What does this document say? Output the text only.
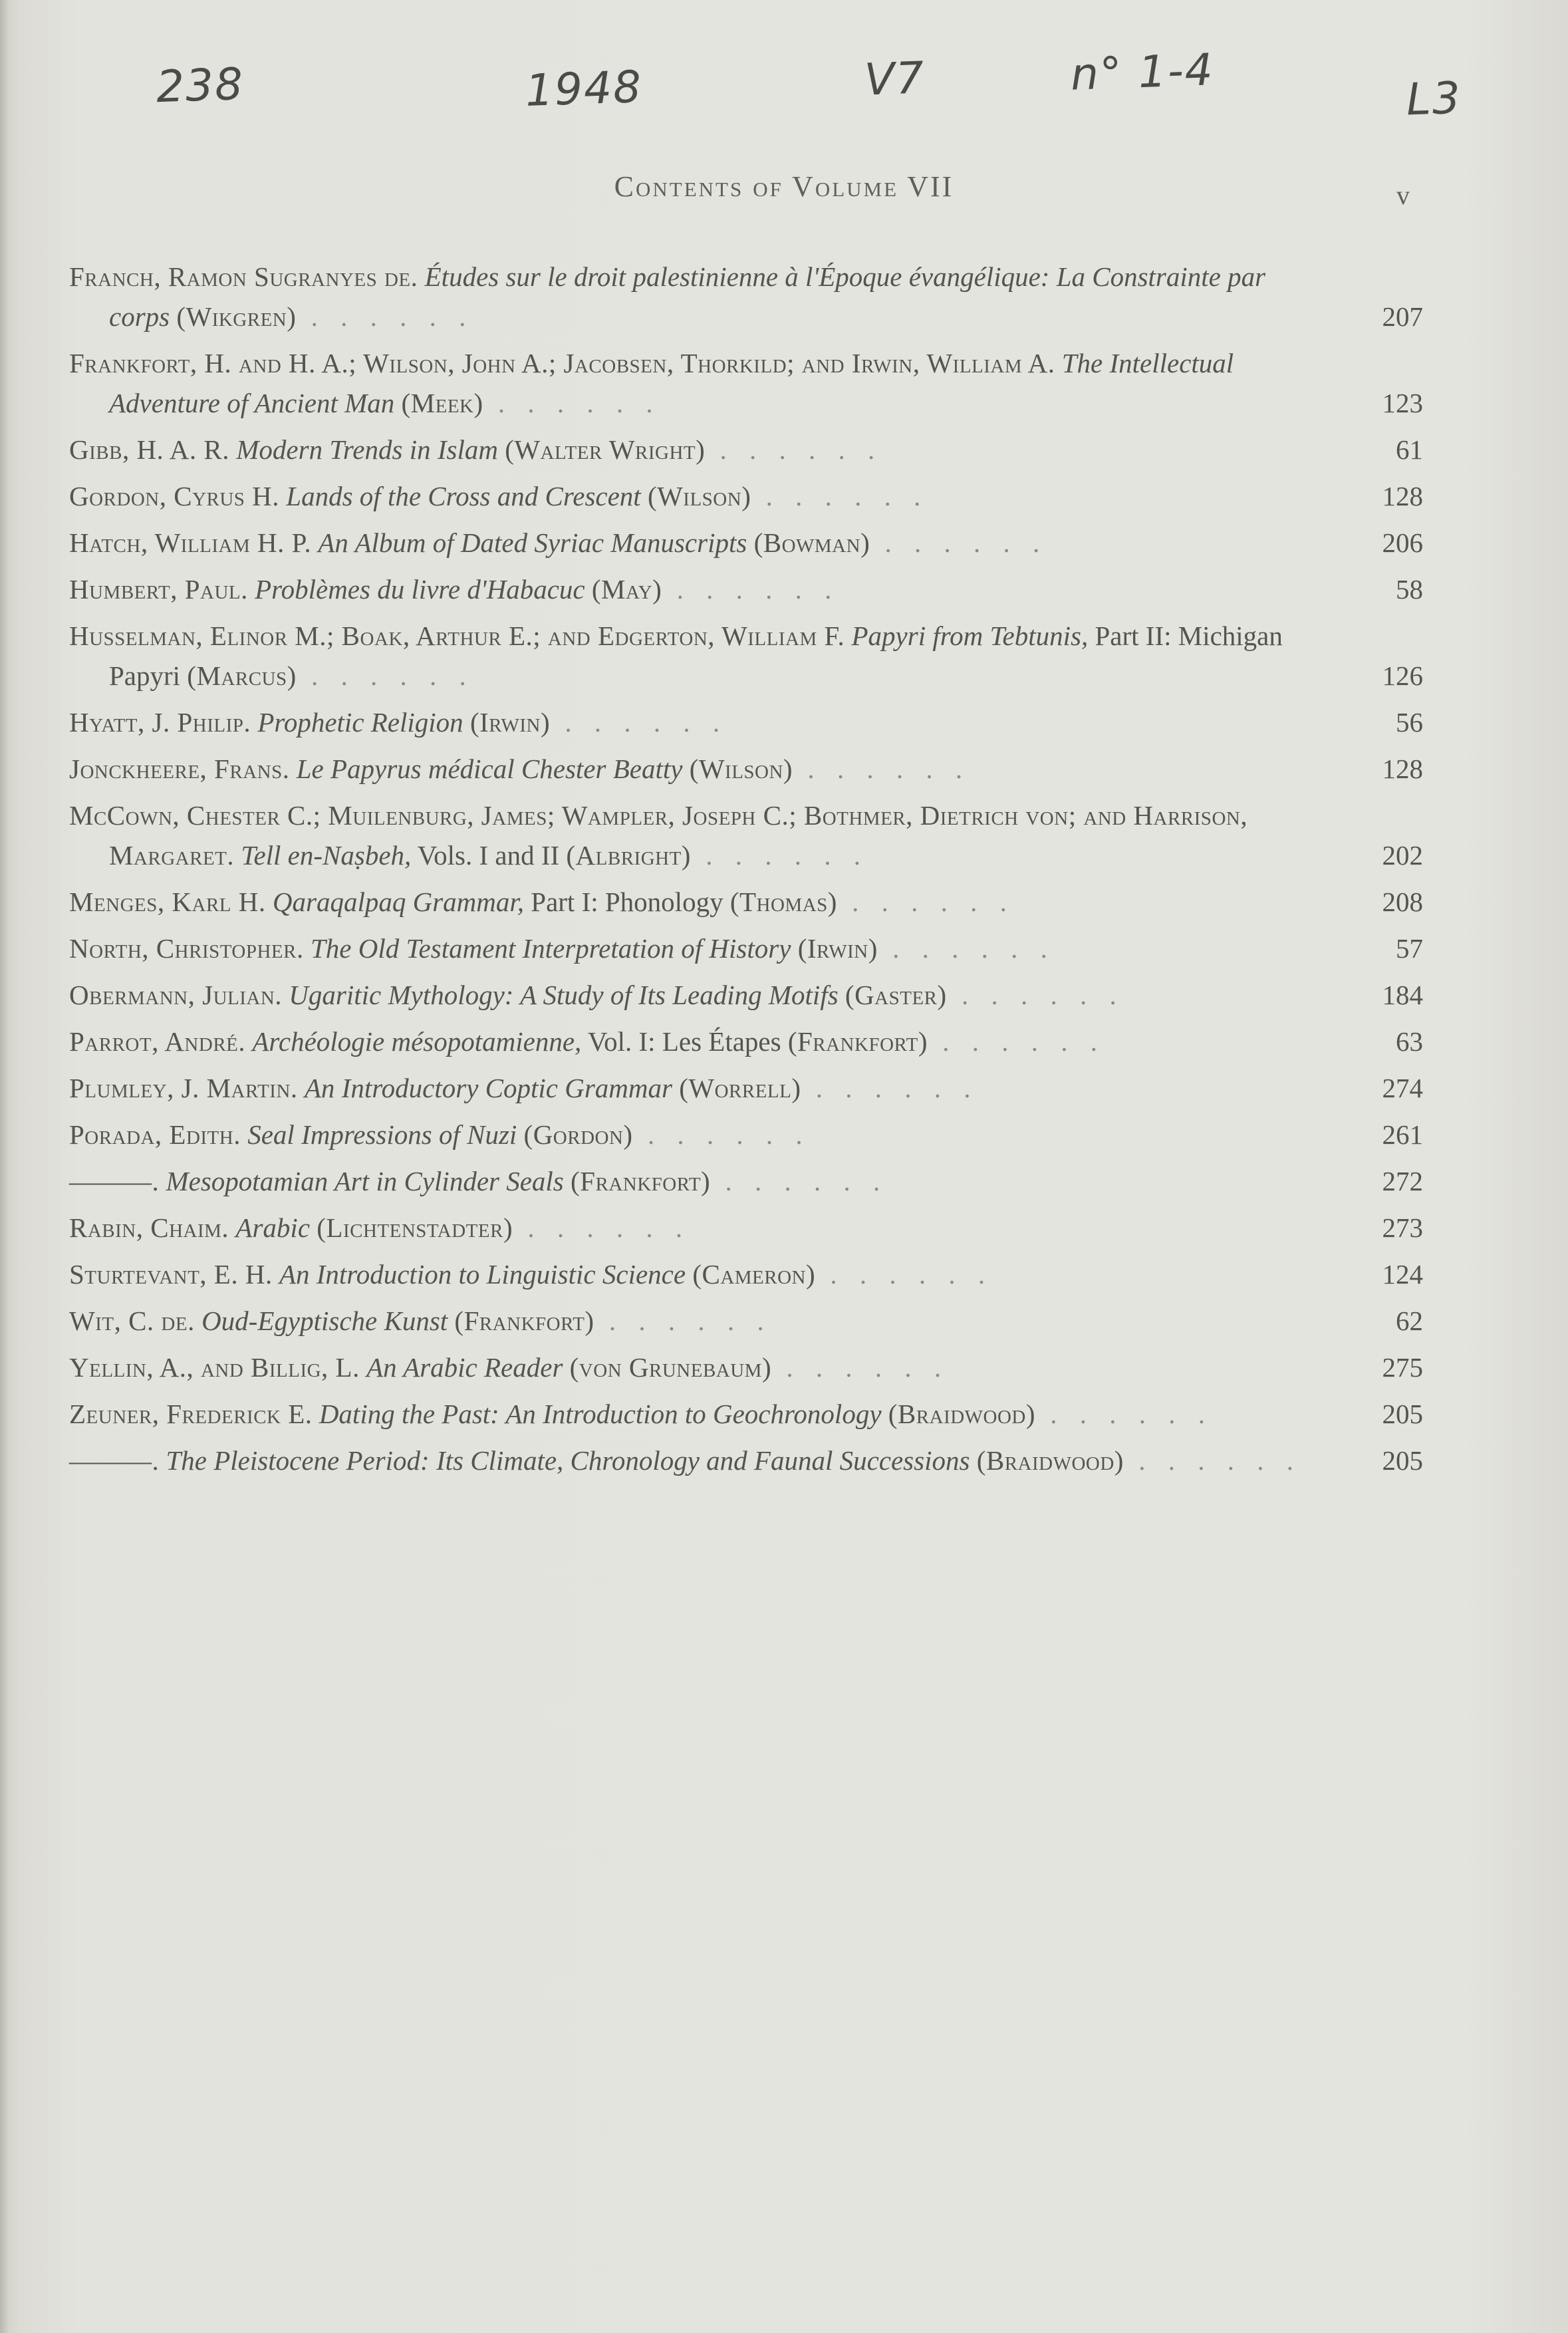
238	1948	V7	n° 1-4	L3
Contents of Volume VII	v
Franch, Ramon Sugranyes de. Études sur le droit palestinienne à l'Époque évangélique: La Constrainte par corps (Wikgren) . . . . . .	207
Frankfort, H. and H. A.; Wilson, John A.; Jacobsen, Thorkild; and Irwin, William A. The Intellectual Adventure of Ancient Man (Meek) . . . . . .	123
Gibb, H. A. R. Modern Trends in Islam (Walter Wright) . . . . . .	61
Gordon, Cyrus H. Lands of the Cross and Crescent (Wilson) . . . . . .	128
Hatch, William H. P. An Album of Dated Syriac Manuscripts (Bowman) . . . . . .	206
Humbert, Paul. Problèmes du livre d'Habacuc (May) . . . . . .	58
Husselman, Elinor M.; Boak, Arthur E.; and Edgerton, William F. Papyri from Tebtunis, Part II: Michigan Papyri (Marcus) . . . . . .	126
Hyatt, J. Philip. Prophetic Religion (Irwin) . . . . . .	56
Jonckheere, Frans. Le Papyrus médical Chester Beatty (Wilson) . . . . . .	128
McCown, Chester C.; Muilenburg, James; Wampler, Joseph C.; Bothmer, Dietrich von; and Harrison, Margaret. Tell en-Naṣbeh, Vols. I and II (Albright) . . . . . .	202
Menges, Karl H. Qaraqalpaq Grammar, Part I: Phonology (Thomas) . . . . . .	208
North, Christopher. The Old Testament Interpretation of History (Irwin) . . . . . .	57
Obermann, Julian. Ugaritic Mythology: A Study of Its Leading Motifs (Gaster) . . . . . .	184
Parrot, André. Archéologie mésopotamienne, Vol. I: Les Étapes (Frankfort) . . . . . .	63
Plumley, J. Martin. An Introductory Coptic Grammar (Worrell) . . . . . .	274
Porada, Edith. Seal Impressions of Nuzi (Gordon) . . . . . .	261
———. Mesopotamian Art in Cylinder Seals (Frankfort) . . . . . .	272
Rabin, Chaim. Arabic (Lichtenstadter) . . . . . .	273
Sturtevant, E. H. An Introduction to Linguistic Science (Cameron) . . . . . .	124
Wit, C. de. Oud-Egyptische Kunst (Frankfort) . . . . . .	62
Yellin, A., and Billig, L. An Arabic Reader (von Grunebaum) . . . . . .	275
Zeuner, Frederick E. Dating the Past: An Introduction to Geochronology (Braidwood) . . . . . .	205
———. The Pleistocene Period: Its Climate, Chronology and Faunal Successions (Braidwood) . . . . . .	205
